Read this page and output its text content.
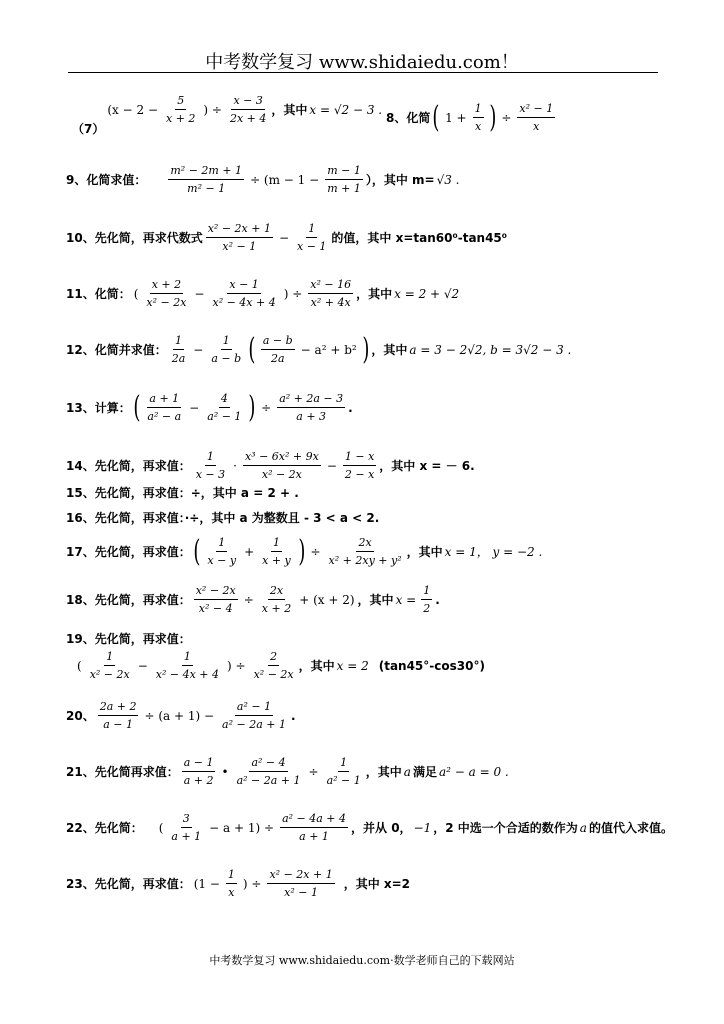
中考数学复习 www.shidaiedu.com！
（7）
($x - 2 - \frac{5}{x + 2}$ ) ÷ $\frac{x - 3}{2x + 4}$ ，其中 x = √2 − 3 .
8、化简 ( $1 + \frac{1}{x}$ ) ÷ $\frac{\text{x² − 1}}{x}$
9、化简求值： $\frac{\text{m² − 2m + 1}}{\text{m² − 1}} \div (m - 1 - \frac{m - 1}{m + 1}$ ），其中 m= √3 .
10、先化简，再求代数式 $\frac{\text{x² − 2x + 1}}{\text{x² − 1}} - \frac{1}{x - 1}$ 的值，其中 x=tan60⁰-tan45⁰
11、化简： ( $\frac{x + 2}{\text{x² − 2x}} - \frac{x - 1}{\text{x² − 4x + 4}}$ ) ÷ $\frac{\text{x² − 16}}{\text{x² + 4x}}$ ，其中 x = 2 + √2
12、化简并求值： $\frac{1}{2a} - \frac{1}{a - b}$ ( $\frac{a - b}{2a} - a^2 + b^2$ ) ，其中 a = 3 − 2√2, b = 3√2 − 3 .
13、计算： ( $\frac{a + 1}{\text{a² − a}} - \frac{4}{\text{a² − 1}}$ ) ÷ $\frac{\text{a² + 2a − 3}}{a + 3}$ .
14、先化简，再求值： $\frac{1}{x - 3} \cdot \frac{\text{x³ − 6x² + 9x}}{\text{x² − 2x}} - \frac{1 - x}{2 - x}$ ，其中 x = － 6.
15、先化简，再求值：÷，其中 a = 2 + .
16、先化简，再求值：·÷，其中 a 为整数且 - 3 < a < 2.
17、先化简，再求值： ( $\frac{1}{x - y} + \frac{1}{x + y}$ ) ÷ $\frac{2x}{\text{x² + 2xy + y²}}$ ，其中 x = 1， y = −2 .
18、先化简，再求值： $\frac{\text{x² − 2x}}{\text{x² − 4}} \div \frac{2x}{x + 2} + (x + 2)$ ，其中 $x = \frac{1}{2}$ .
19、先化简，再求值：
( $\frac{1}{\text{x² − 2x}} - \frac{1}{\text{x² − 4x + 4}}$ ) ÷ $\frac{2}{\text{x² − 2x}}$ ，其中 x = 2 (tan45°-cos30°)
20、 $\frac{2a + 2}{a - 1} \div (a + 1) - \frac{\text{a² − 1}}{\text{a² − 2a + 1}}$ .
21、先化简再求值： $\frac{a - 1}{a + 2}$ • $\frac{\text{a² − 4}}{\text{a² − 2a + 1}} \div \frac{1}{\text{a² − 1}}$ ，其中 a 满足 a² − a = 0 .
22、先化简： ( $\frac{3}{a + 1} - a + 1) \div \frac{\text{a² − 4a + 4}}{a + 1}$ ，并从 0， −1 ，2 中选一个合适的数作为 a 的值代入求值。
23、先化简，再求值： ($1 - \frac{1}{x}$ ) ÷ $\frac{\text{x² − 2x + 1}}{\text{x² − 1}}$ ，其中 x=2
中考数学复习 www.shidaiedu.com·数学老师自己的下载网站
